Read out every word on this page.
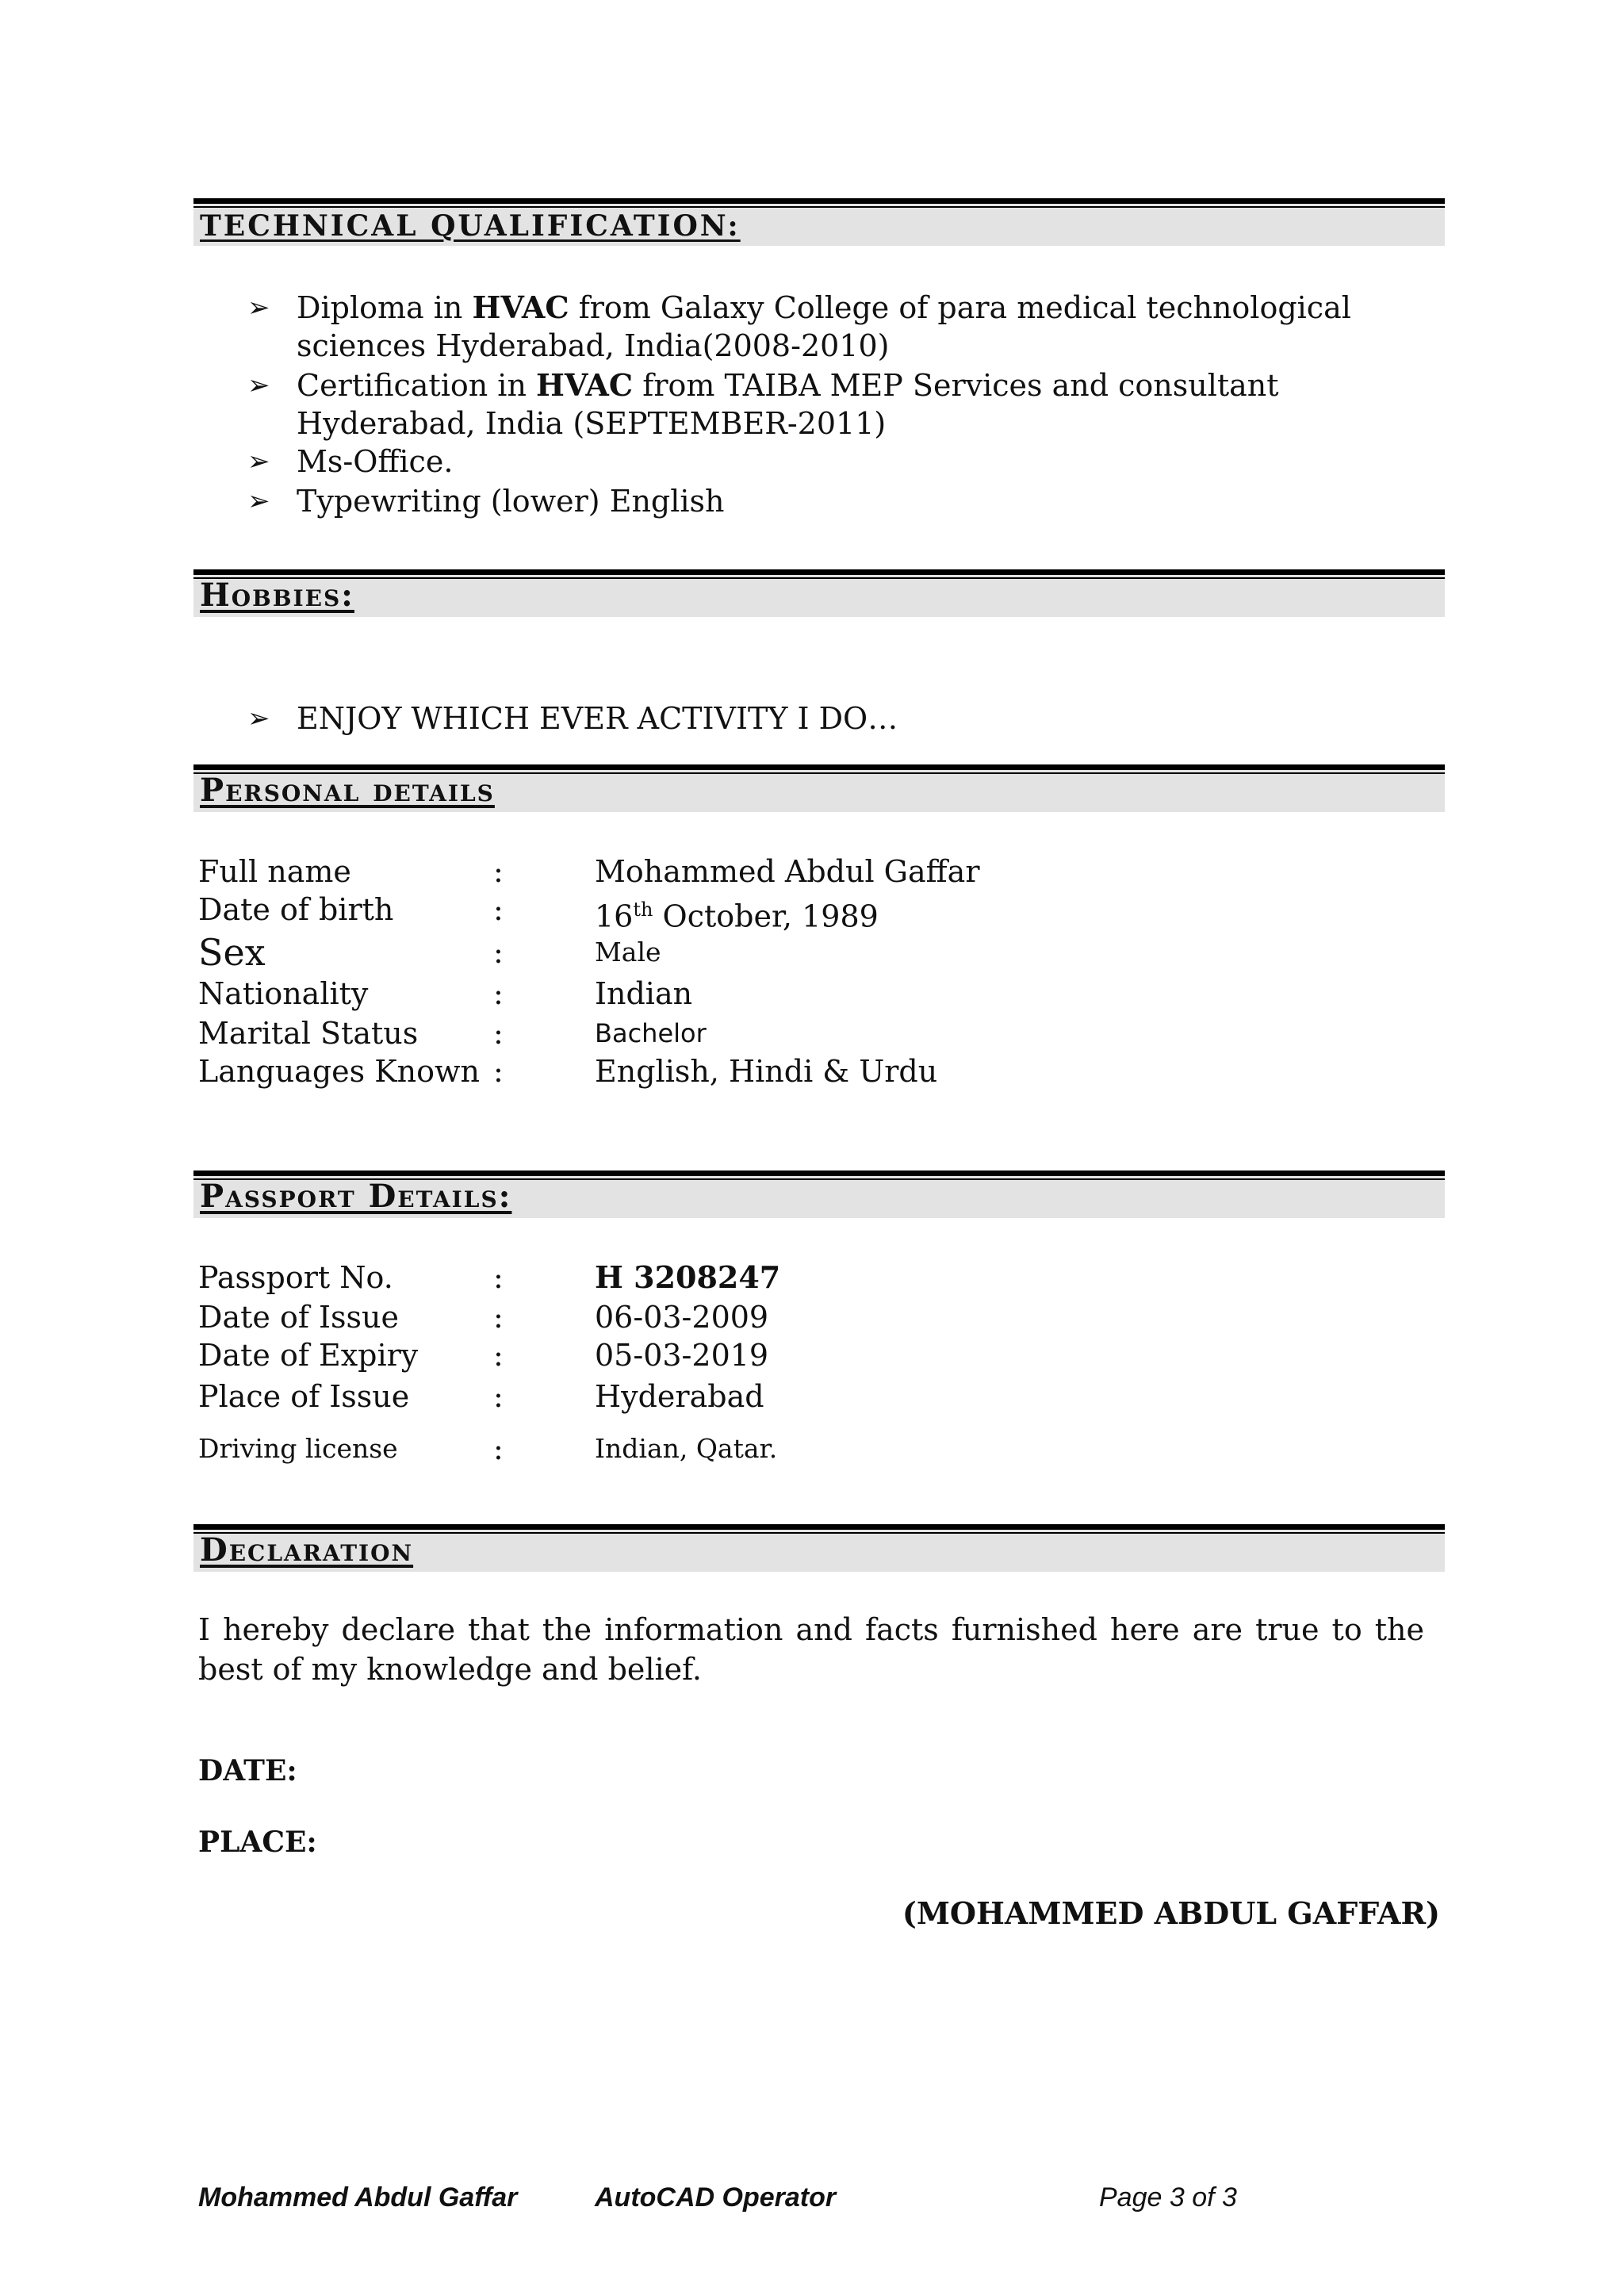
TECHNICAL QUALIFICATION:
➢ Diploma in HVAC from Galaxy College of para medical technological sciences Hyderabad, India(2008-2010)
➢ Certification in HVAC from TAIBA MEP Services and consultant Hyderabad, India (SEPTEMBER-2011)
➢ Ms-Office.
➢ Typewriting (lower) English
Hobbies:
➢ ENJOY WHICH EVER ACTIVITY I DO…
Personal details
Full name	:	Mohammed Abdul Gaffar
Date of birth	:	16th October, 1989
Sex	:	Male
Nationality	:	Indian
Marital Status :	Bachelor
Languages Known :	English, Hindi & Urdu
Passport Details:
Passport No.	:	H 3208247
Date of Issue	:	06-03-2009
Date of Expiry :	05-03-2019
Place of Issue	:	Hyderabad
Driving license	:	Indian, Qatar.
Declaration
I hereby declare that the information and facts furnished here are true to the best of my knowledge and belief.
DATE:
PLACE:
(MOHAMMED ABDUL GAFFAR)
Mohammed Abdul Gaffar	AutoCAD Operator	Page 3 of 3
